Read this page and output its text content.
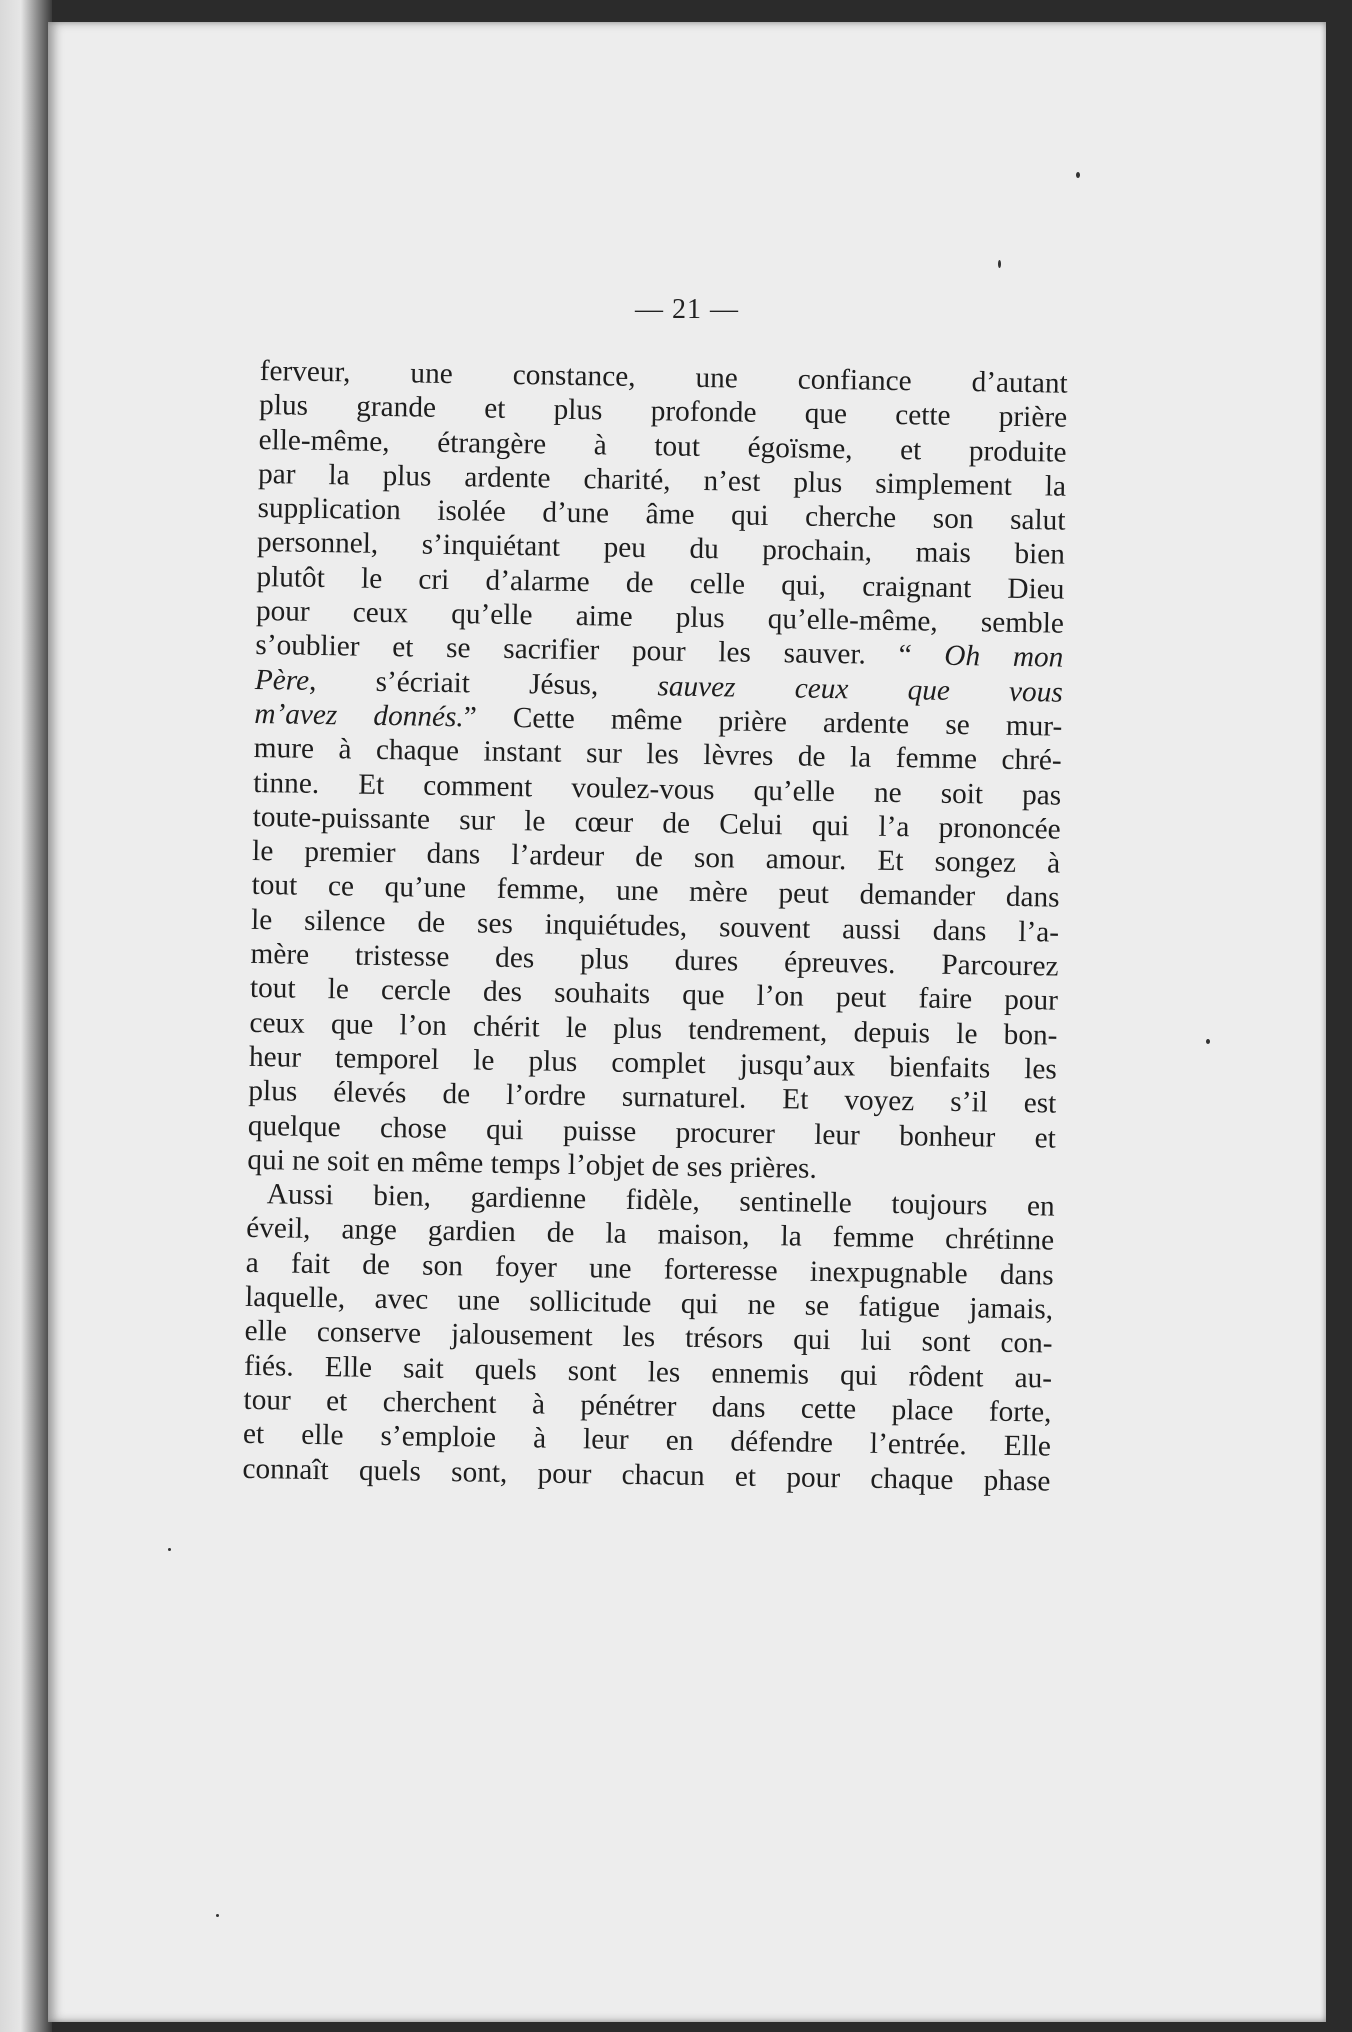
— 21 —

ferveur, une constance, une confiance d’autant
plus grande et plus profonde que cette prière
elle-même, étrangère à tout égoïsme, et produite
par la plus ardente charité, n’est plus simplement la
supplication isolée d’une âme qui cherche son salut
personnel, s’inquiétant peu du prochain, mais bien
plutôt le cri d’alarme de celle qui, craignant Dieu
pour ceux qu’elle aime plus qu’elle-même, semble
s’oublier et se sacrifier pour les sauver. “ Oh mon
Père, s’écriait Jésus, sauvez ceux que vous
m’avez donnés.” Cette même prière ardente se mur-
mure à chaque instant sur les lèvres de la femme chré-
tinne. Et comment voulez-vous qu’elle ne soit pas
toute-puissante sur le cœur de Celui qui l’a prononcée
le premier dans l’ardeur de son amour. Et songez à
tout ce qu’une femme, une mère peut demander dans
le silence de ses inquiétudes, souvent aussi dans l’a-
mère tristesse des plus dures épreuves. Parcourez
tout le cercle des souhaits que l’on peut faire pour
ceux que l’on chérit le plus tendrement, depuis le bon-
heur temporel le plus complet jusqu’aux bienfaits les
plus élevés de l’ordre surnaturel. Et voyez s’il est
quelque chose qui puisse procurer leur bonheur et
qui ne soit en même temps l’objet de ses prières.

Aussi bien, gardienne fidèle, sentinelle toujours en
éveil, ange gardien de la maison, la femme chrétinne
a fait de son foyer une forteresse inexpugnable dans
laquelle, avec une sollicitude qui ne se fatigue jamais,
elle conserve jalousement les trésors qui lui sont con-
fiés. Elle sait quels sont les ennemis qui rôdent au-
tour et cherchent à pénétrer dans cette place forte,
et elle s’emploie à leur en défendre l’entrée. Elle
connaît quels sont, pour chacun et pour chaque phase
